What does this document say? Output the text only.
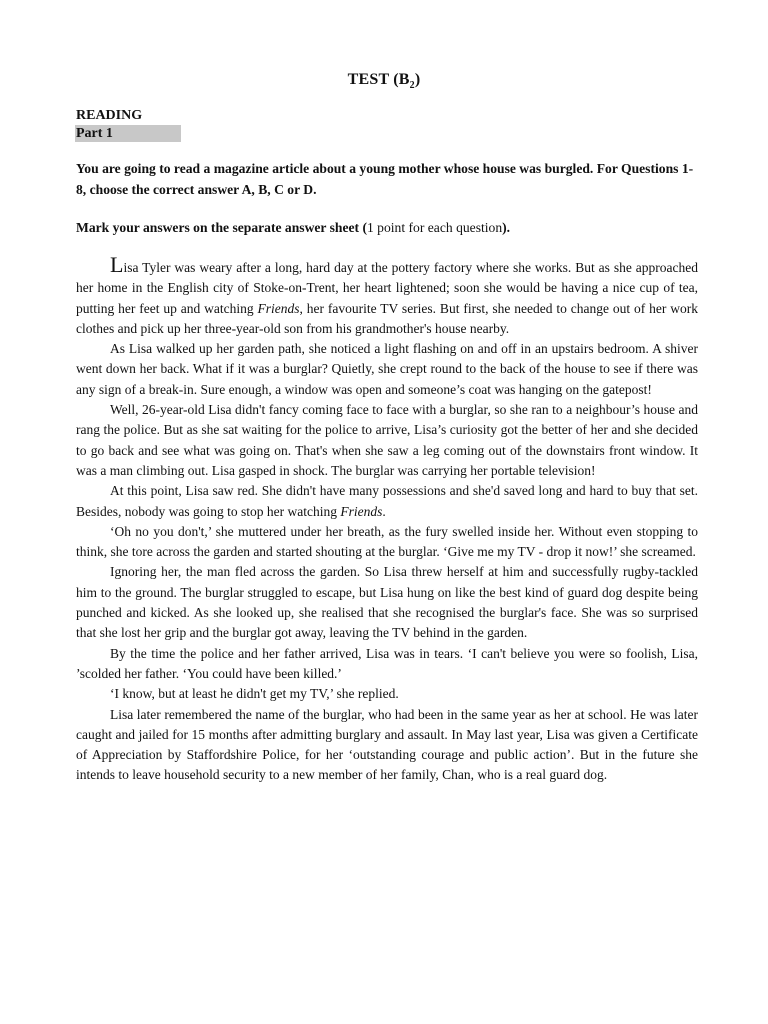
TEST $(B_2)$
READING
Part 1
You are going to read a magazine article about a young mother whose house was burgled. For Questions 1-8, choose the correct answer A, B, C or D.
Mark your answers on the separate answer sheet (1 point for each question).

Lisa Tyler was weary after a long, hard day at the pottery factory where she works. But as she approached her home in the English city of Stoke-on-Trent, her heart lightened; soon she would be having a nice cup of tea, putting her feet up and watching Friends, her favourite TV series. But first, she needed to change out of her work clothes and pick up her three-year-old son from his grandmother's house nearby.

As Lisa walked up her garden path, she noticed a light flashing on and off in an upstairs bedroom. A shiver went down her back. What if it was a burglar? Quietly, she crept round to the back of the house to see if there was any sign of a break-in. Sure enough, a window was open and someone’s coat was hanging on the gatepost!

Well, 26-year-old Lisa didn't fancy coming face to face with a burglar, so she ran to a neighbour’s house and rang the police. But as she sat waiting for the police to arrive, Lisa’s curiosity got the better of her and she decided to go back and see what was going on. That's when she saw a leg coming out of the downstairs front window. It was a man climbing out. Lisa gasped in shock. The burglar was carrying her portable television!

At this point, Lisa saw red. She didn't have many possessions and she'd saved long and hard to buy that set. Besides, nobody was going to stop her watching Friends.

‘Oh no you don't,’ she muttered under her breath, as the fury swelled inside her. Without even stopping to think, she tore across the garden and started shouting at the burglar. ‘Give me my TV - drop it now!’ she screamed.

Ignoring her, the man fled across the garden. So Lisa threw herself at him and successfully rugby-tackled him to the ground. The burglar struggled to escape, but Lisa hung on like the best kind of guard dog despite being punched and kicked. As she looked up, she realised that she recognised the burglar's face. She was so surprised that she lost her grip and the burglar got away, leaving the TV behind in the garden.

By the time the police and her father arrived, Lisa was in tears. ‘I can't believe you were so foolish, Lisa, ’scolded her father. ‘You could have been killed.’

‘I know, but at least he didn't get my TV,’ she replied.

Lisa later remembered the name of the burglar, who had been in the same year as her at school. He was later caught and jailed for 15 months after admitting burglary and assault. In May last year, Lisa was given a Certificate of Appreciation by Staffordshire Police, for her ‘outstanding courage and public action’. But in the future she intends to leave household security to a new member of her family, Chan, who is a real guard dog.
